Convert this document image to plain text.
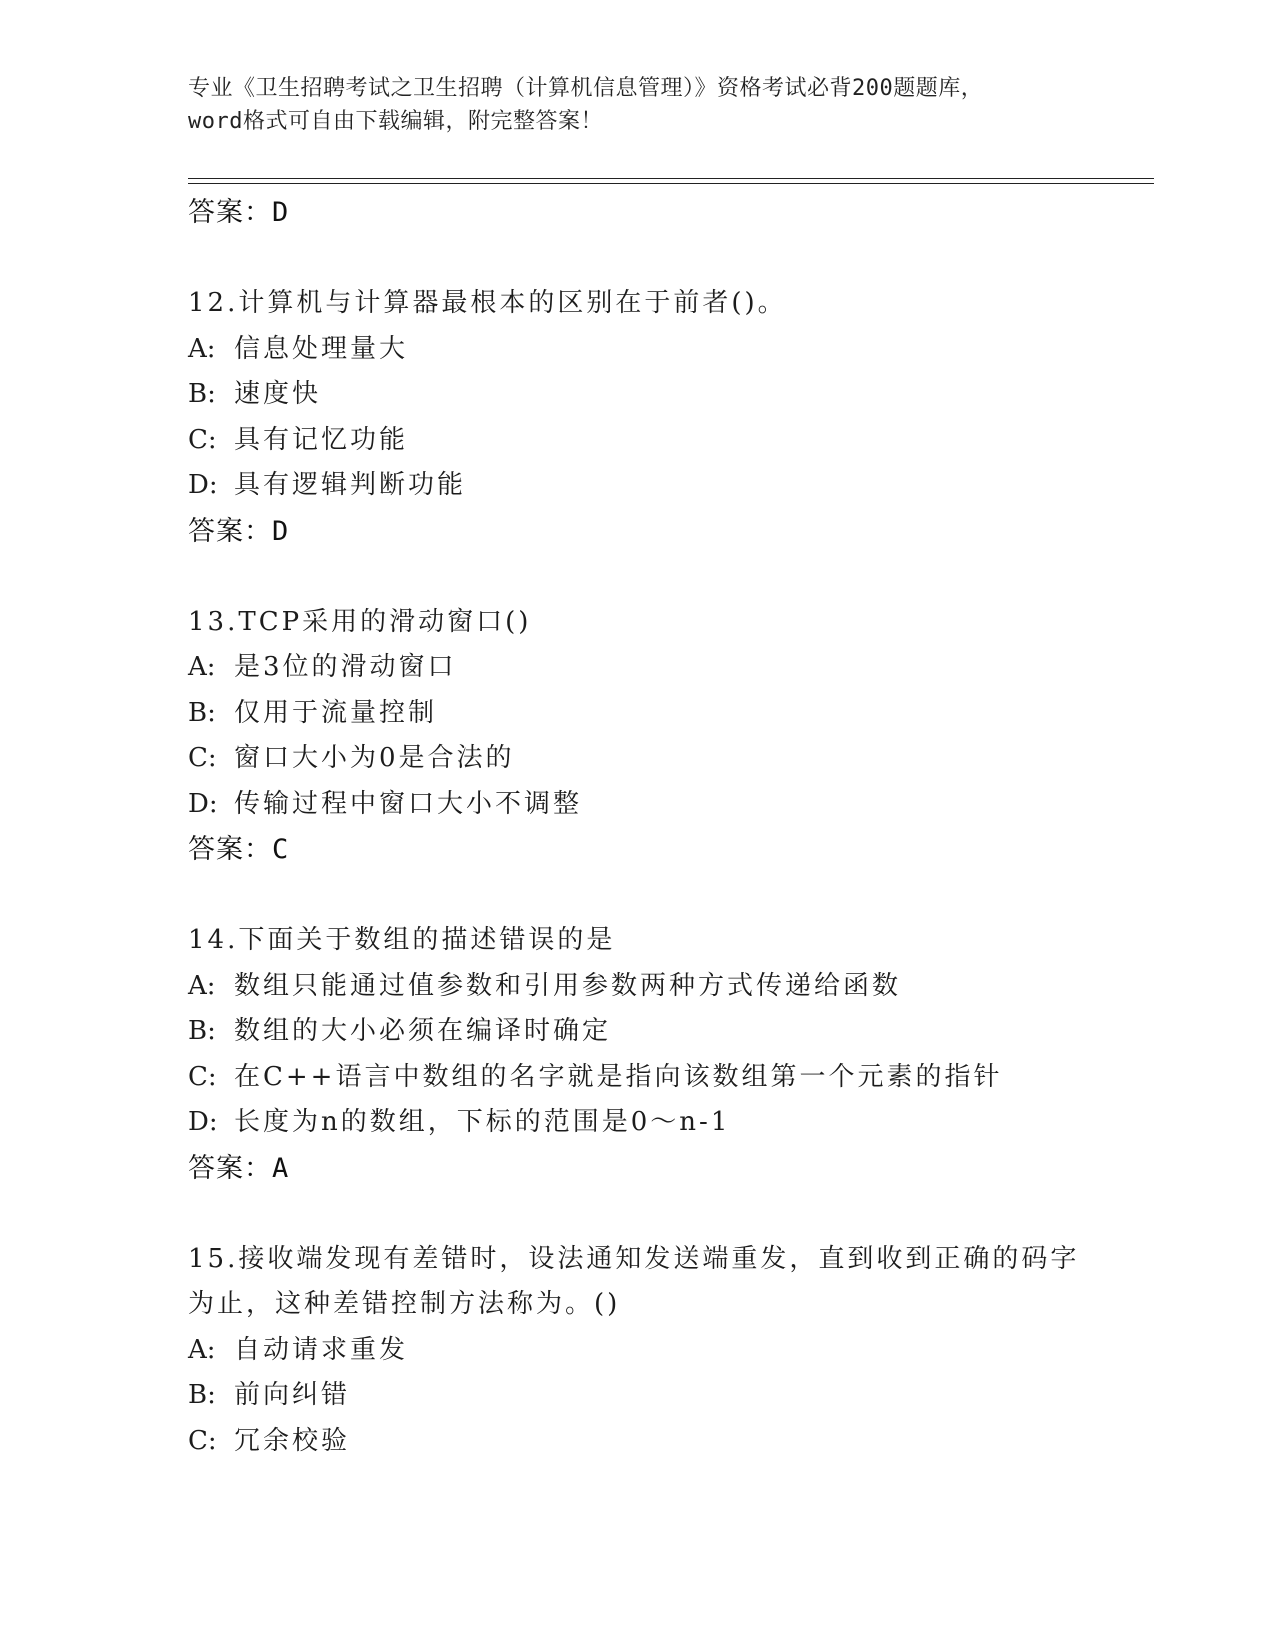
专业《卫生招聘考试之卫生招聘（计算机信息管理）》资格考试必背200题题库，
word格式可自由下载编辑，附完整答案！
答案：D
12.计算机与计算器最根本的区别在于前者()。
A: 信息处理量大
B: 速度快
C: 具有记忆功能
D: 具有逻辑判断功能
答案：D
13.TCP采用的滑动窗口()
A: 是3位的滑动窗口
B: 仅用于流量控制
C: 窗口大小为0是合法的
D: 传输过程中窗口大小不调整
答案：C
14.下面关于数组的描述错误的是
A: 数组只能通过值参数和引用参数两种方式传递给函数
B: 数组的大小必须在编译时确定
C: 在C++语言中数组的名字就是指向该数组第一个元素的指针
D: 长度为n的数组，下标的范围是0～n-1
答案：A
15.接收端发现有差错时，设法通知发送端重发，直到收到正确的码字
为止，这种差错控制方法称为。()
A: 自动请求重发
B: 前向纠错
C: 冗余校验
